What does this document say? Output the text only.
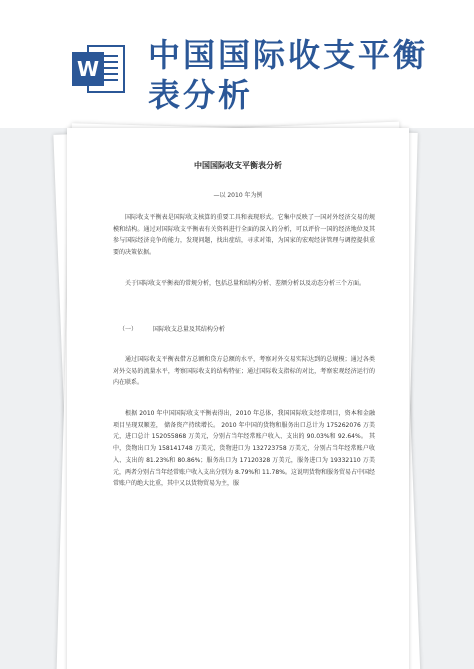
W 中国国际收支平衡
表分析
中国国际收支平衡表分析
—以 2010 年为例

国际收支平衡表是国际收支核算的重要工具和表现形式。它集中反映了一国对外经济交易的规模和结构。通过对国际收支平衡表有关资料进行全面的深入的分析，可以评价一国的经济地位及其参与国际经济竞争的能力，发现问题，找出症结，寻求对策，为国家的宏观经济管理与调控提供重要的决策依据。

关于国际收支平衡表的常规分析，包括总量和结构分析、差额分析以及动态分析三个方面。

（一）	国际收支总量及其结构分析

通过国际收支平衡表借方总额和贷方总额的水平，考察对外交易实际达到的总规模；通过各类对外交易的流量水平，考察国际收支的结构特征；通过国际收支指标的对比，考察宏观经济运行的内在联系。

根据 2010 年中国国际收支平衡表得出，2010 年总体，我国国际收支经常项目，资本和金融项目呈现双顺差， 储备资产持续增长。 2010 年中国的货物和服务出口总计为 175262076 万美元，进口总计 152055868 万美元，分别占当年经常账户收入、支出的 90.03%和 92.64%。 其中，货物出口为 158141748 万美元，货物进口为 132723758 万美元，分别占当年经常账户收入、支出的 81.23%和 80.86%；服务出口为 17120328 万美元，服务进口为 19332110 万美元，两者分别占当年经常账户收入支出分别为 8.79%和 11.78%。这说明货物和服务贸易占中国经常账户的绝大比重，其中又以货物贸易为主，服
